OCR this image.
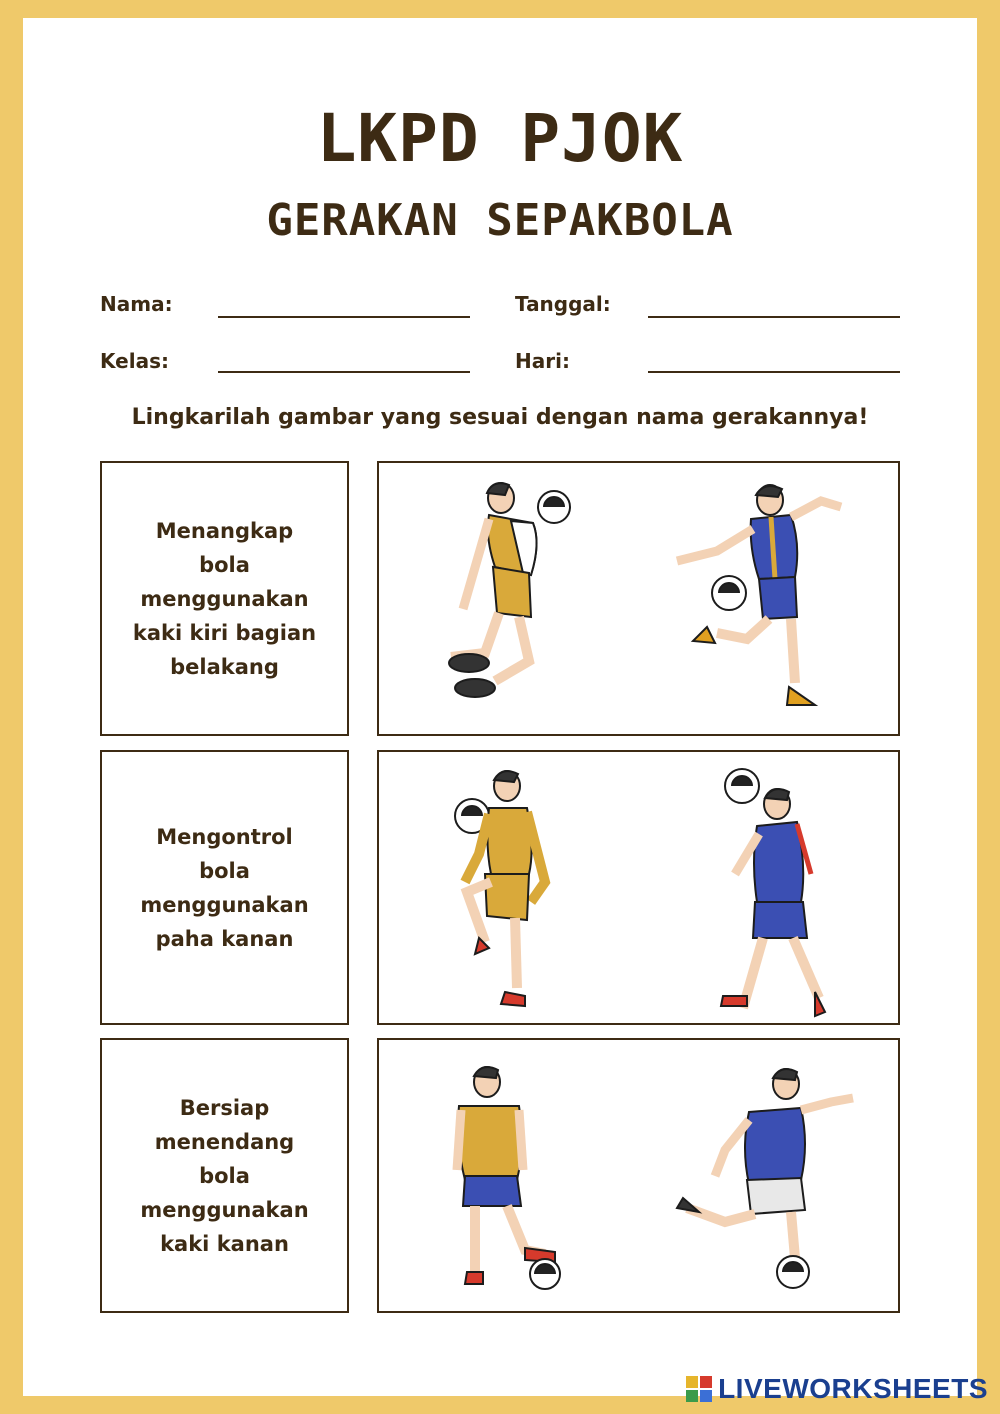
LKPD PJOK
GERAKAN SEPAKBOLA
Nama:	Tanggal:
Kelas:	Hari:
Lingkarilah gambar yang sesuai dengan nama gerakannya!
Menangkap
bola
menggunakan
kaki kiri bagian
belakang
Mengontrol
bola
menggunakan
paha kanan
Bersiap
menendang
bola
menggunakan
kaki kanan
LIVEWORKSHEETS
